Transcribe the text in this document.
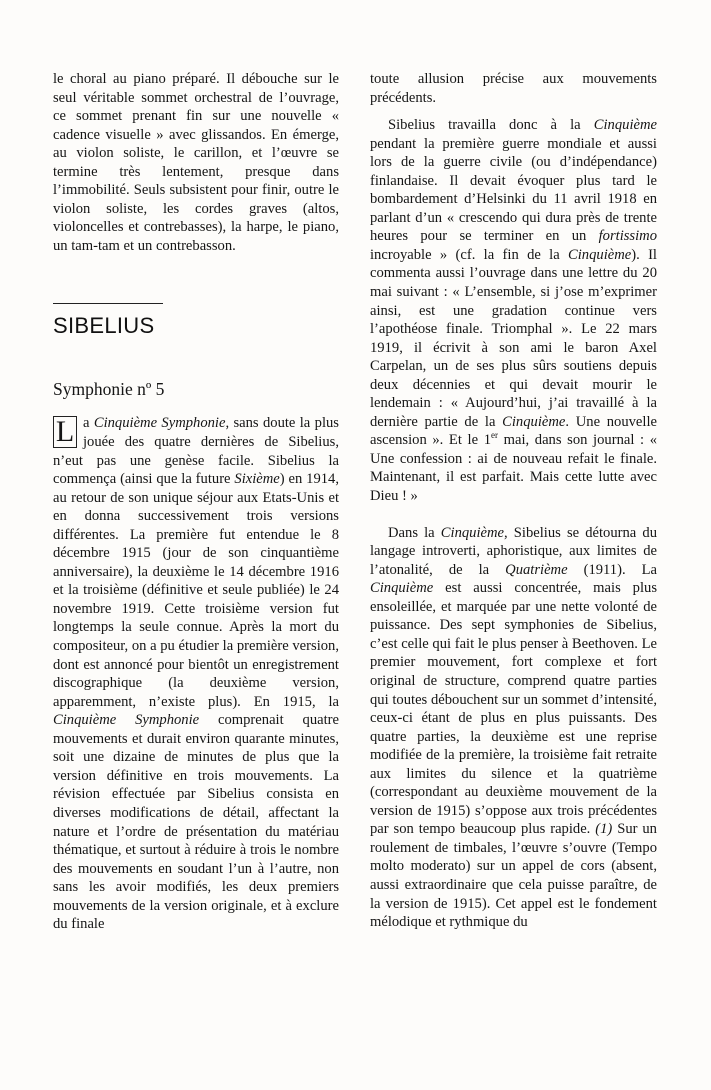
le choral au piano préparé. Il débouche sur le seul véritable sommet orchestral de l’ouvrage, ce sommet prenant fin sur une nouvelle « cadence visuelle » avec glissandos. En émerge, au violon soliste, le carillon, et l’œuvre se termine très lentement, presque dans l’immobilité. Seuls subsistent pour finir, outre le violon soliste, les cordes graves (altos, violoncelles et contrebasses), la harpe, le piano, un tam-tam et un contrebasson.

SIBELIUS
Symphonie nº 5

L a Cinquième Symphonie, sans doute la plus jouée des quatre dernières de Sibelius, n’eut pas une genèse facile. Sibelius la commença (ainsi que la future Sixième) en 1914, au retour de son unique séjour aux Etats-Unis et en donna successivement trois versions différentes. La première fut entendue le 8 décembre 1915 (jour de son cinquantième anniversaire), la deuxième le 14 décembre 1916 et la troisième (définitive et seule publiée) le 24 novembre 1919. Cette troisième version fut longtemps la seule connue. Après la mort du compositeur, on a pu étudier la première version, dont est annoncé pour bientôt un enregistrement discographique (la deuxième version, apparemment, n’existe plus). En 1915, la Cinquième Symphonie comprenait quatre mouvements et durait environ quarante minutes, soit une dizaine de minutes de plus que la version définitive en trois mouvements. La révision effectuée par Sibelius consista en diverses modifications de détail, affectant la nature et l’ordre de présentation du matériau thématique, et surtout à réduire à trois le nombre des mouvements en soudant l’un à l’autre, non sans les avoir modifiés, les deux premiers mouvements de la version originale, et à exclure du finale

toute allusion précise aux mouvements précédents.

Sibelius travailla donc à la Cinquième pendant la première guerre mondiale et aussi lors de la guerre civile (ou d’indépendance) finlandaise. Il devait évoquer plus tard le bombardement d’Helsinki du 11 avril 1918 en parlant d’un « crescendo qui dura près de trente heures pour se terminer en un fortissimo incroyable » (cf. la fin de la Cinquième). Il commenta aussi l’ouvrage dans une lettre du 20 mai suivant : « L’ensemble, si j’ose m’exprimer ainsi, est une gradation continue vers l’apothéose finale. Triomphal ». Le 22 mars 1919, il écrivit à son ami le baron Axel Carpelan, un de ses plus sûrs soutiens depuis deux décennies et qui devait mourir le lendemain : « Aujourd’hui, j’ai travaillé à la dernière partie de la Cinquième. Une nouvelle ascension ». Et le 1er mai, dans son journal : « Une confession : ai de nouveau refait le finale. Maintenant, il est parfait. Mais cette lutte avec Dieu ! »

Dans la Cinquième, Sibelius se détourna du langage introverti, aphoristique, aux limites de l’atonalité, de la Quatrième (1911). La Cinquième est aussi concentrée, mais plus ensoleillée, et marquée par une nette volonté de puissance. Des sept symphonies de Sibelius, c’est celle qui fait le plus penser à Beethoven. Le premier mouvement, fort complexe et fort original de structure, comprend quatre parties qui toutes débouchent sur un sommet d’intensité, ceux-ci étant de plus en plus puissants. Des quatre parties, la deuxième est une reprise modifiée de la première, la troisième fait retraite aux limites du silence et la quatrième (correspondant au deuxième mouvement de la version de 1915) s’oppose aux trois précédentes par son tempo beaucoup plus rapide. (1) Sur un roulement de timbales, l’œuvre s’ouvre (Tempo molto moderato) sur un appel de cors (absent, aussi extraordinaire que cela puisse paraître, de la version de 1915). Cet appel est le fondement mélodique et rythmique du
